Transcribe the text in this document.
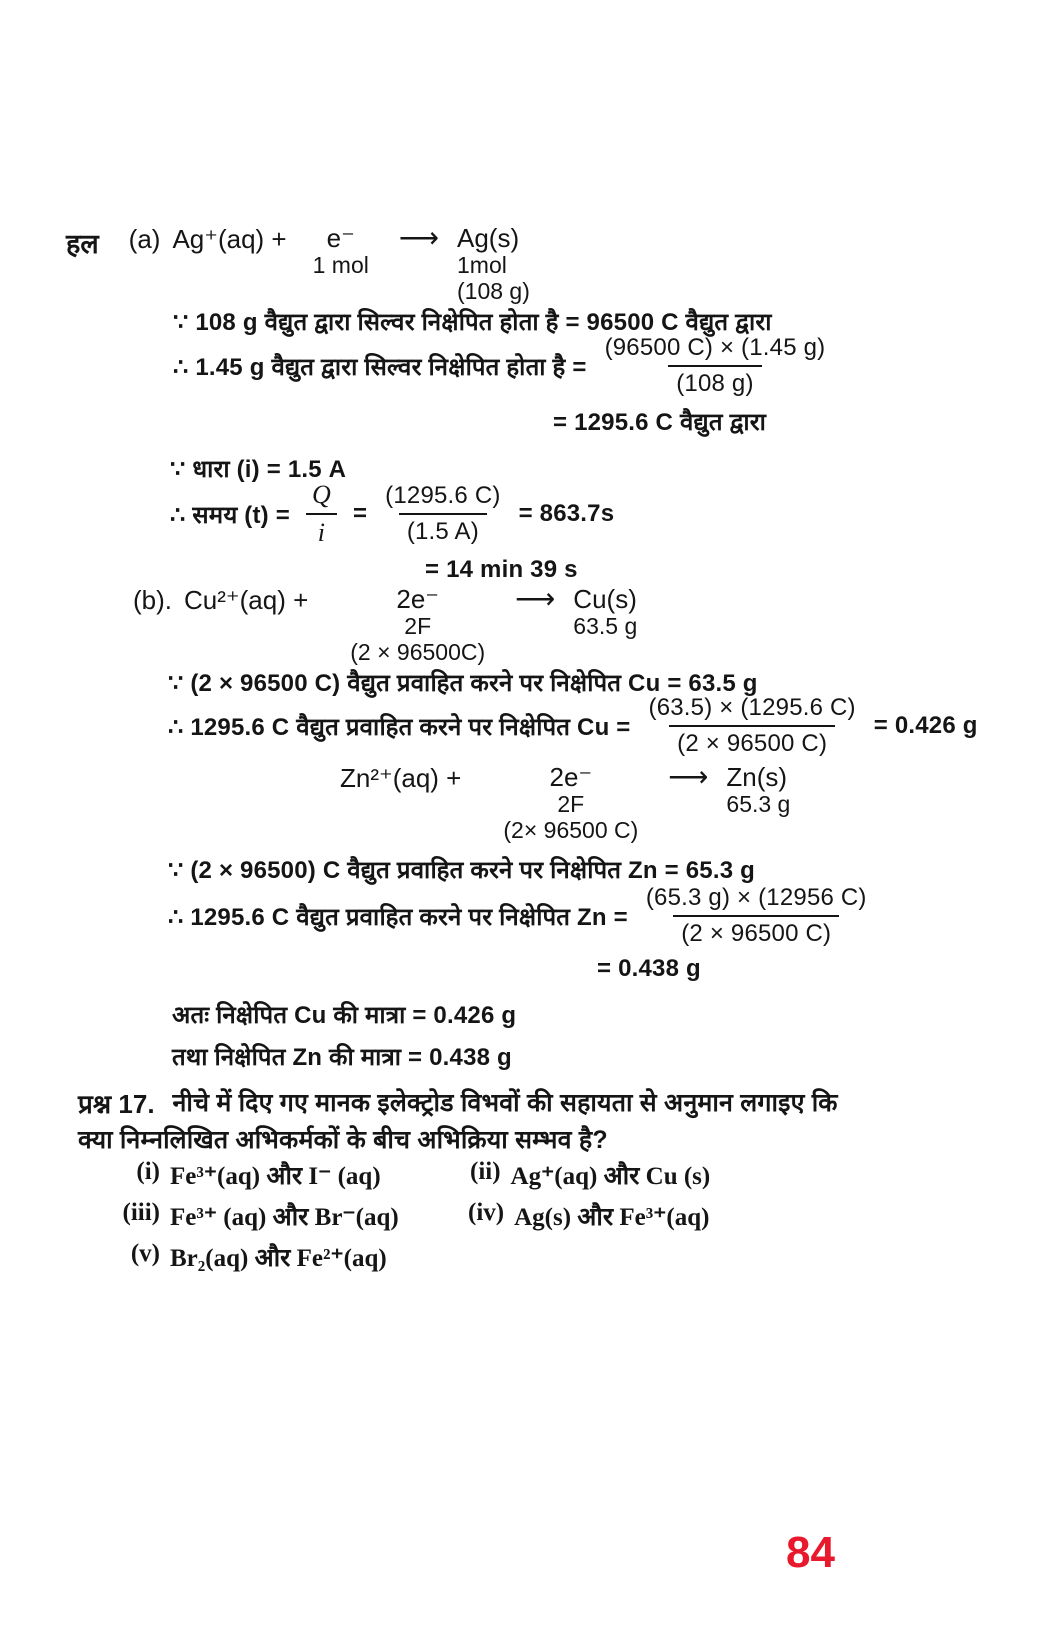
हल (a) Ag⁺(aq) + e⁻
1 mol
⟶ Ag(s)
1mol
(108 g)
∵ 108 g वैद्युत द्वारा सिल्वर निक्षेपित होता है = 96500 C वैद्युत द्वारा
∴ 1.45 g वैद्युत द्वारा सिल्वर निक्षेपित होता है = $\frac{(96500 C) \times (1.45 g)}{(108 g)}$
= 1295.6 C वैद्युत द्वारा
∵ धारा (i) = 1.5 A
∴ समय $(t) = \frac{Q}{i} = \frac{(1295.6 C)}{(1.5 A)} = 863.7s$
= 14 min 39 s
(b). Cu²⁺(aq) +	2e⁻
2F
(2 × 96500C)
⟶ Cu(s)
63.5 g
∵ (2 × 96500 C) वैद्युत प्रवाहित करने पर निक्षेपित Cu = 63.5 g
∴ 1295.6 C वैद्युत प्रवाहित करने पर निक्षेपित $Cu = \frac{(63.5) \times (1295.6 C)}{(2 \times 96500 C)} = 0.426$ g
Zn²⁺(aq) +	2e⁻
2F
(2× 96500 C)
⟶ Zn(s)
65.3 g
∵ (2 × 96500) C वैद्युत प्रवाहित करने पर निक्षेपित Zn = 65.3 g
∴ 1295.6 C वैद्युत प्रवाहित करने पर निक्षेपित $Zn = \frac{(65.3 g) \times (12956 C)}{(2 \times 96500 C)}$
= 0.438 g
अतः निक्षेपित Cu की मात्रा = 0.426 g
तथा निक्षेपित Zn की मात्रा = 0.438 g
प्रश्न 17. नीचे में दिए गए मानक इलेक्ट्रोड विभवों की सहायता से अनुमान लगाइए कि
क्या निम्नलिखित अभिकर्मकों के बीच अभिक्रिया सम्भव है?
(i) Fe³⁺(aq) और I⁻ (aq)	(ii) Ag⁺(aq) और Cu (s)
(iii) Fe³⁺ (aq) और Br⁻(aq)	(iv) Ag(s) और Fe³⁺(aq)
(v) Br₂(aq) और Fe²⁺(aq)
84
